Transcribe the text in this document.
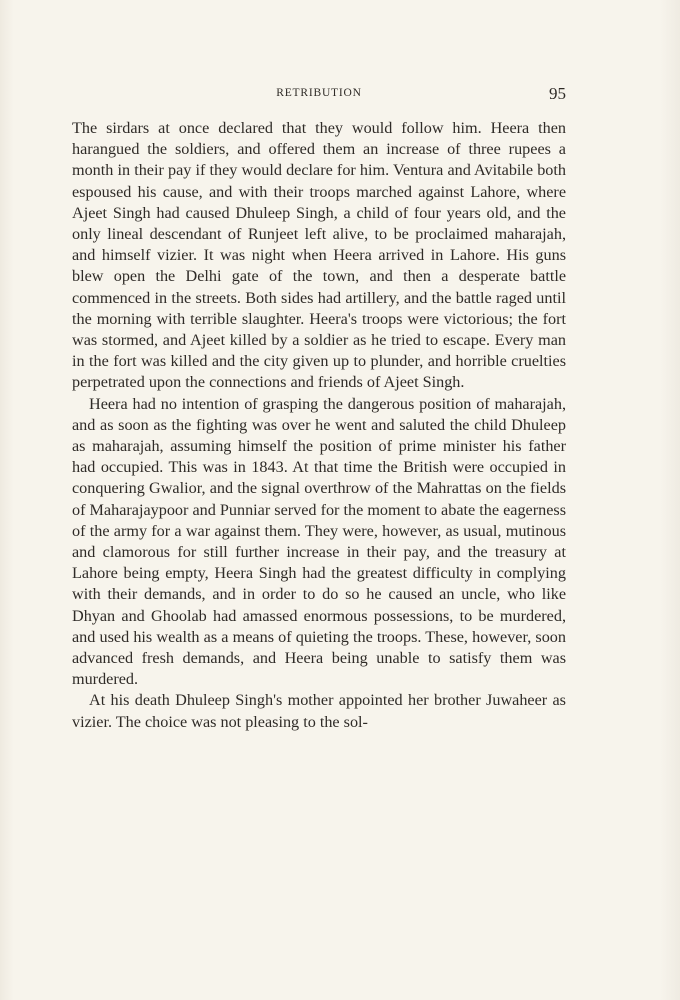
RETRIBUTION	95

The sirdars at once declared that they would follow him. Heera then harangued the soldiers, and offered them an increase of three rupees a month in their pay if they would declare for him. Ventura and Avitabile both espoused his cause, and with their troops marched against Lahore, where Ajeet Singh had caused Dhuleep Singh, a child of four years old, and the only lineal descendant of Runjeet left alive, to be proclaimed maharajah, and himself vizier. It was night when Heera arrived in Lahore. His guns blew open the Delhi gate of the town, and then a desperate battle commenced in the streets. Both sides had artillery, and the battle raged until the morning with terrible slaughter. Heera's troops were victorious; the fort was stormed, and Ajeet killed by a soldier as he tried to escape. Every man in the fort was killed and the city given up to plunder, and horrible cruelties perpetrated upon the connections and friends of Ajeet Singh.

Heera had no intention of grasping the dangerous position of maharajah, and as soon as the fighting was over he went and saluted the child Dhuleep as maharajah, assuming himself the position of prime minister his father had occupied. This was in 1843. At that time the British were occupied in conquering Gwalior, and the signal overthrow of the Mahrattas on the fields of Maharajaypoor and Punniar served for the moment to abate the eagerness of the army for a war against them. They were, however, as usual, mutinous and clamorous for still further increase in their pay, and the treasury at Lahore being empty, Heera Singh had the greatest difficulty in complying with their demands, and in order to do so he caused an uncle, who like Dhyan and Ghoolab had amassed enormous possessions, to be murdered, and used his wealth as a means of quieting the troops. These, however, soon advanced fresh demands, and Heera being unable to satisfy them was murdered.

At his death Dhuleep Singh's mother appointed her brother Juwaheer as vizier. The choice was not pleasing to the sol-
